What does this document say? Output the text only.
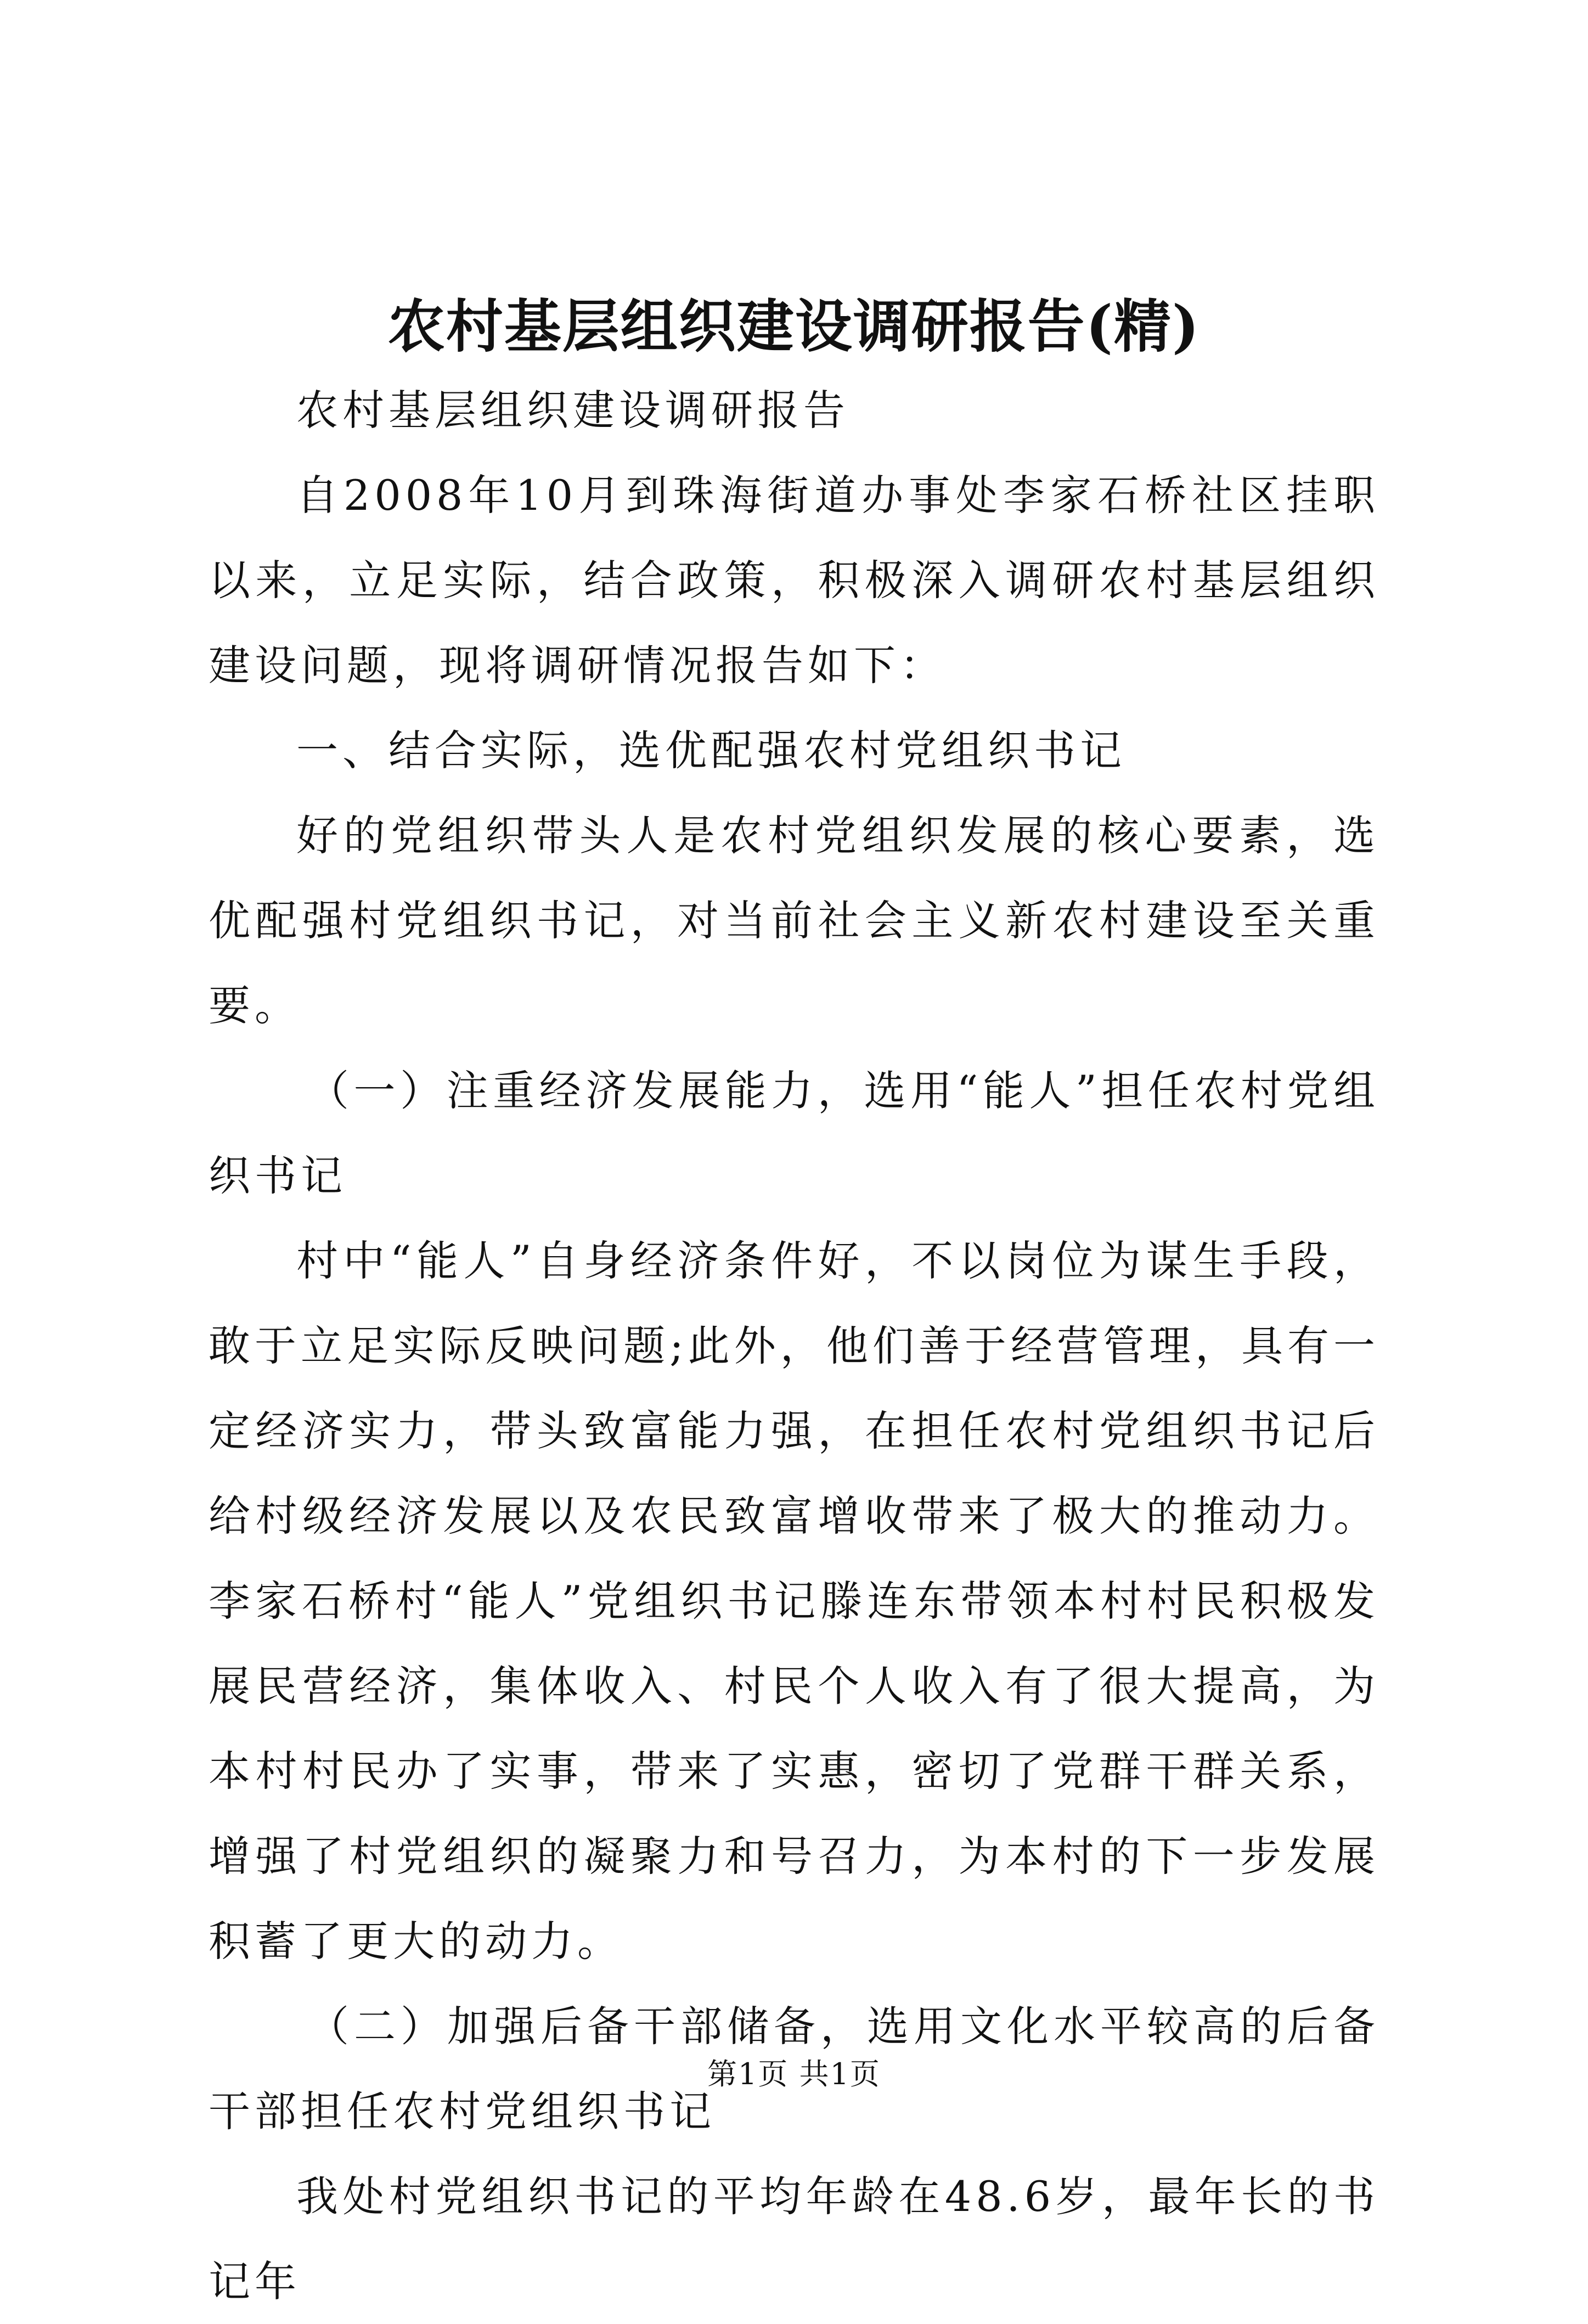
农村基层组织建设调研报告(精)

农村基层组织建设调研报告

自2008年10月到珠海街道办事处李家石桥社区挂职以来，立足实际，结合政策，积极深入调研农村基层组织建设问题，现将调研情况报告如下：

一、结合实际，选优配强农村党组织书记

好的党组织带头人是农村党组织发展的核心要素，选优配强村党组织书记，对当前社会主义新农村建设至关重要。

（一）注重经济发展能力，选用“能人”担任农村党组织书记

村中“能人”自身经济条件好，不以岗位为谋生手段，敢于立足实际反映问题;此外，他们善于经营管理，具有一定经济实力，带头致富能力强，在担任农村党组织书记后给村级经济发展以及农民致富增收带来了极大的推动力。李家石桥村“能人”党组织书记滕连东带领本村村民积极发展民营经济，集体收入、村民个人收入有了很大提高，为本村村民办了实事，带来了实惠，密切了党群干群关系，增强了村党组织的凝聚力和号召力，为本村的下一步发展积蓄了更大的动力。

（二）加强后备干部储备，选用文化水平较高的后备干部担任农村党组织书记

我处村党组织书记的平均年龄在48.6岁，最年长的书记年

第1页 共1页
